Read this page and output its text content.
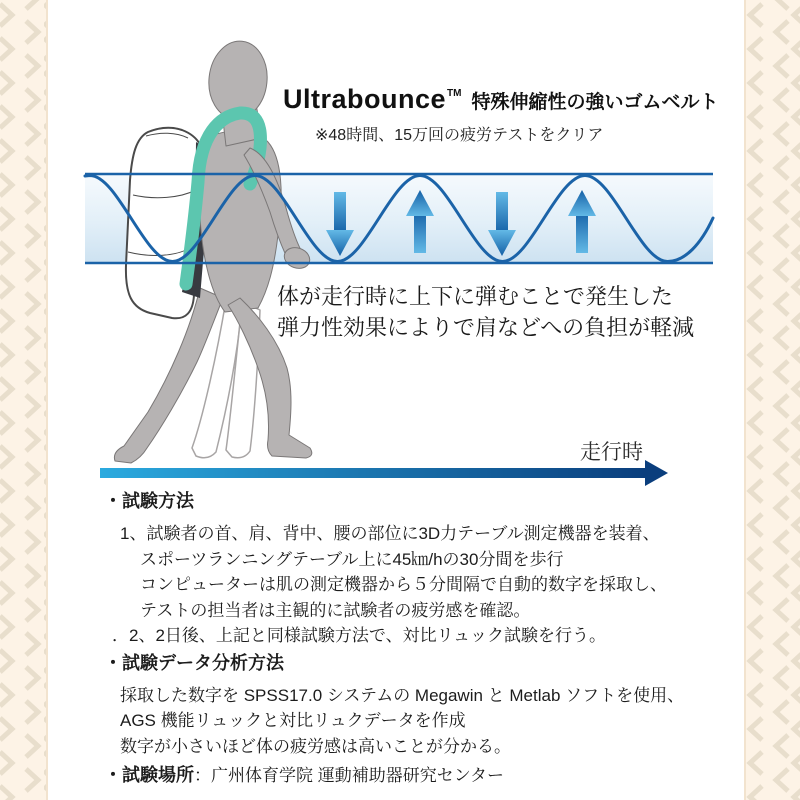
走行時
Ultrabounce TM 特殊伸縮性の強いゴムベルト
※48時間、15万回の疲労テストをクリア
体が走行時に上下に弾むことで発生した
弾力性効果によりで肩などへの負担が軽減
・試験方法
1、試験者の首、肩、背中、腰の部位に3D力テーブル測定機器を装着、
スポーツランニングテーブル上に45㎞/hの30分間を歩行
コンピューターは肌の測定機器から５分間隔で自動的数字を採取し、
テストの担当者は主観的に試験者の疲労感を確認。
．2、2日後、上記と同様試験方法で、対比リュック試験を行う。
・試験データ分析方法
採取した数字を SPSS17.0 システムの Megawin と Metlab ソフトを使用、
AGS 機能リュックと対比リュクデータを作成
数字が小さいほど体の疲労感は高いことが分かる。
・試験場所：广州体育学院 運動補助器研究センター
